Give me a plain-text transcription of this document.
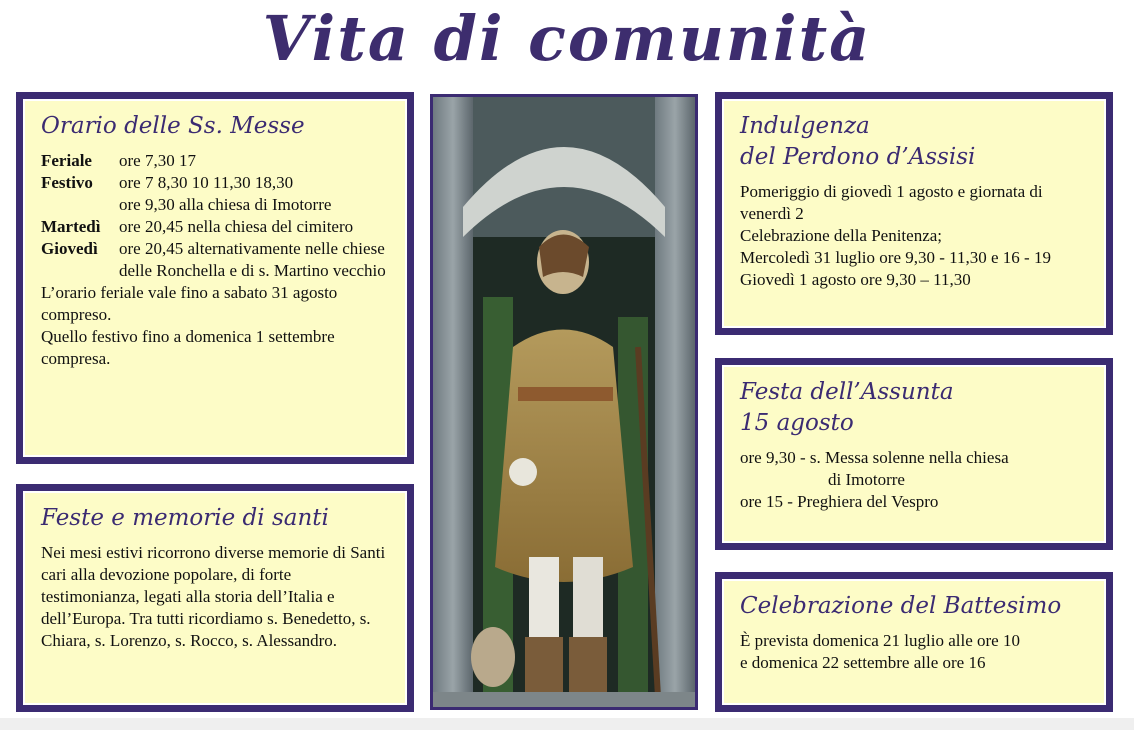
Vita di comunità
Orario delle Ss. Messe
Feriale	ore 7,30 17
Festivo	ore 7 8,30 10 11,30 18,30
ore 9,30 alla chiesa di Imotorre
Martedì	ore 20,45 nella chiesa del cimitero
Giovedì	ore 20,45 alternativamente nelle chiese delle Ronchella e di s. Martino vecchio
L’orario feriale vale fino a sabato 31 agosto compreso.
Quello festivo fino a domenica 1 settembre compresa.
Feste e memorie di santi
Nei mesi estivi ricorrono diverse memorie di Santi cari alla devozione popolare, di forte testimonianza, legati alla storia dell’Italia e dell’Europa. Tra tutti ricordiamo s. Benedetto, s. Chiara, s. Lorenzo, s. Rocco, s. Alessandro.
Indulgenza
del Perdono d’Assisi
Pomeriggio di giovedì 1 agosto e giornata di venerdì 2
Celebrazione della Penitenza;
Mercoledì 31 luglio ore 9,30 - 11,30 e 16 - 19
Giovedì 1 agosto ore 9,30 – 11,30
Festa dell’Assunta
15 agosto
ore 9,30 - s. Messa solenne nella chiesa
di Imotorre
ore 15 - Preghiera del Vespro
Celebrazione del Battesimo
È prevista domenica 21 luglio alle ore 10
e domenica 22 settembre alle ore 16
